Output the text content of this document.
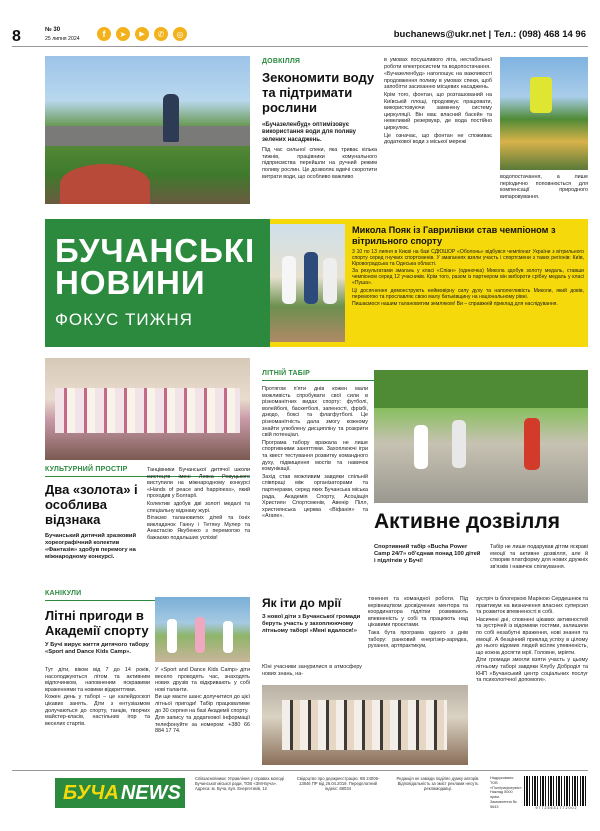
8	№ 30
25 липня 2024	f	➤	▶	✆	◎	buchanews@ukr.net | Тел.: (098) 468 14 96
ДОВКІЛЛЯ
Зекономити воду та підтримати рослини

«Бучазеленбуд» оптимізовує використання води для поливу зелених насаджень.

Під час сильної спеки, яка триває кілька тижнів, працівники комунального підприємства перейшли на ручний режим поливу рослин. Це дозволяє вдвічі скоротити витрати води, що особливо важливо

в умовах посушливого літа, нестабільної роботи електросистем та водопостачання.

«Бучазеленбуд» наголошує на важливості продовження поливу в умовах спеки, щоб запобігти засиханню місцевих насаджень.

Крім того, фонтан, що розташований на Київській площі, продовжує працювати, використовуючи замкнену систему циркуляції. Він має власний басейн та невеликий резервуар, де вода постійно циркулює.

Це означає, що фонтан не споживає додаткової води з міської мережі

водопостачання, а лише періодично поповнюється для компенсації природного випаровування.

БУЧАНСЬКІ
НОВИНИ
ФОКУС ТИЖНЯ
Микола Пояк із Гаврилівки став чемпіоном з вітрильного спорту

3 10 по 13 липня в Києві на базі СДЮШОР «Оболонь» відбувся чемпіонат України з вітрильного спорту серед гнучких спортсменів. У змаганнях взяли участь і спортсмени з таких регіонів: Київ, Кіровоградська та Одеська області.

За результатами змагань у класі «Спіан» (одиночка) Микола здобув золоту медаль, ставши чемпіоном серед 12 учасників. Крім того, разом із партнером він вибороти срібну медаль у класі «Пуша».

Ці досягнення демонструють неймовірну силу духу та наполегливість Миколи, який довів, перемогою та прославляє свою малу батьківщину на національному рівні.

Пишаємося нашим талановитим земляком! Ви – справжній приклад для наслідування.

КУЛЬТУРНИЙ ПРОСТІР
Два «золота» і особлива відзнака

Бучанський дитячий зразковий хореографічний колектив «Фантазія» здобув перемогу на міжнародному конкурсі.

Танцівники Бучанської дитячої школи мистецтв імені Левка Ревуцького виступили на міжнародному конкурсі «Hands of peace and happiness», який проходив у Болгарії.

Колектив здобув дві золоті медалі та спеціальну відзнаку журі.

Вітаємо талановитих дітей та їхніх викладачок Ганну і Тетяну Мулер та Анастасію Якубенко з перемогою та бажаємо подальших успіхів!

ЛІТНІЙ ТАБІР

Протягом п'яти днів кожен мали можливість спробувати свої сили в різноманітних видах спорту: футболі, волейболі, баскетболі, запеності, фрізбі, дзюдо, боксі та флагфутболі. Це різноманітність дала змогу кожному знайти улюблену дисципліну та розкрити свій потенціал.

Програма табору вражала не лише спортивними заняттями. Захоплюючі ігри та квест тестування розвитку командного духу, підвищення мостів та навичок комунікації.

Захід став можливим завдяки спільній співпраці між організаторами та партнерами, серед яких Бучанська міська рада, Академія Спорту, Асоціація Християн Спортсменів, Авенір Пілл, християнська церква «Віфанія» та «Агапе».	Активне дозвілля

Спортивний табір «Bucha Power Camp 24/7» об'єднав понад 100 дітей і підлітків у Бучі!

Табір не лише подарував дітям яскраві емоції та активне дозвілля, але й створив платформу для нових дружніх зв'язків і навичок спілкування.

КАНІКУЛИ
Літні пригоди в Академії спорту

У Бучі вирує життя дитячого табору «Sport and Dance Kids Camp».

Тут діти, віком від 7 до 14 років, насолоджуються літом та активним відпочинком, наповненим яскравими враженнями та новими відкриттями.

Кожен день у таборі – це калейдоскоп цікавих занять. Діти з ентузіазмом долучаються до спорту, танців, творчих майстер-класів, настільних ігор та веселих стартів.

У «Sport and Dance Kids Camp» діти весело проводять час, знаходять нових друзів та відкривають у собі нові таланти.

Ви ще маєте шанс долучитися до цієї літньої пригоди! Табір працюватиме до 30 серпня на базі Академії спорту.

Для запису та додаткової інформації телефонуйте за номером: +380 66 884 17 74.

Як іти до мрії

З нової діти з Бучанської громади беруть участь у захоплюючому літньому таборі «Мені вдалося!»

Юні учасники занурилися в атмосферу нових знань, на-

тхнення та командної роботи. Під керівництвом досвідчених ментора та координатора підлітки розвивають впевненість у собі та працюють над цікавими проєктами.

Така бута програма одного з днів табору: ранковий енергізер-зарядка, рухання, артпрактикум,

зустріч із блогеркою Маріною Сердешнюк та практикум на визначення власних суперсил та розвиток впевненості в собі.

Насичені дні, сповнені цікавих активностей та зустрічей із відомими гостями, залишили по собі незабутні враження, нові знання та емоції. А безцінний приклад успіху в цілому до нього відомих людей всіляк упевненість, що кожна досягти мрії. Головне, мріяти.

Діти громади змогли взяти участь у цьому літньому таборі завдяки Клубу Доброділ та КНП «Бучанський центр соціальних послуг та психологічної допомоги».

БУЧА NEWS

Співзасновники: Управління у справах молоді Бучанської міської ради, ТОВ «ЗМІ-Буча». Адреса: м. Буча, вул. Енергетиків, 12

Свідоцтво про держреєстрацію: КВ 24006-13846 ПР від 26.04.2019. Передплатний індекс: 68034

Редакція не завжди поділяє думку авторів. Відповідальність за зміст реклами несуть рекламодавці.

Надруковано: ТОВ «Поліграфсервіс». Наклад 5000 прим. Замовлення № 5643	9 7 7 2 5 6 3 1 7 7 2 0 0 2
